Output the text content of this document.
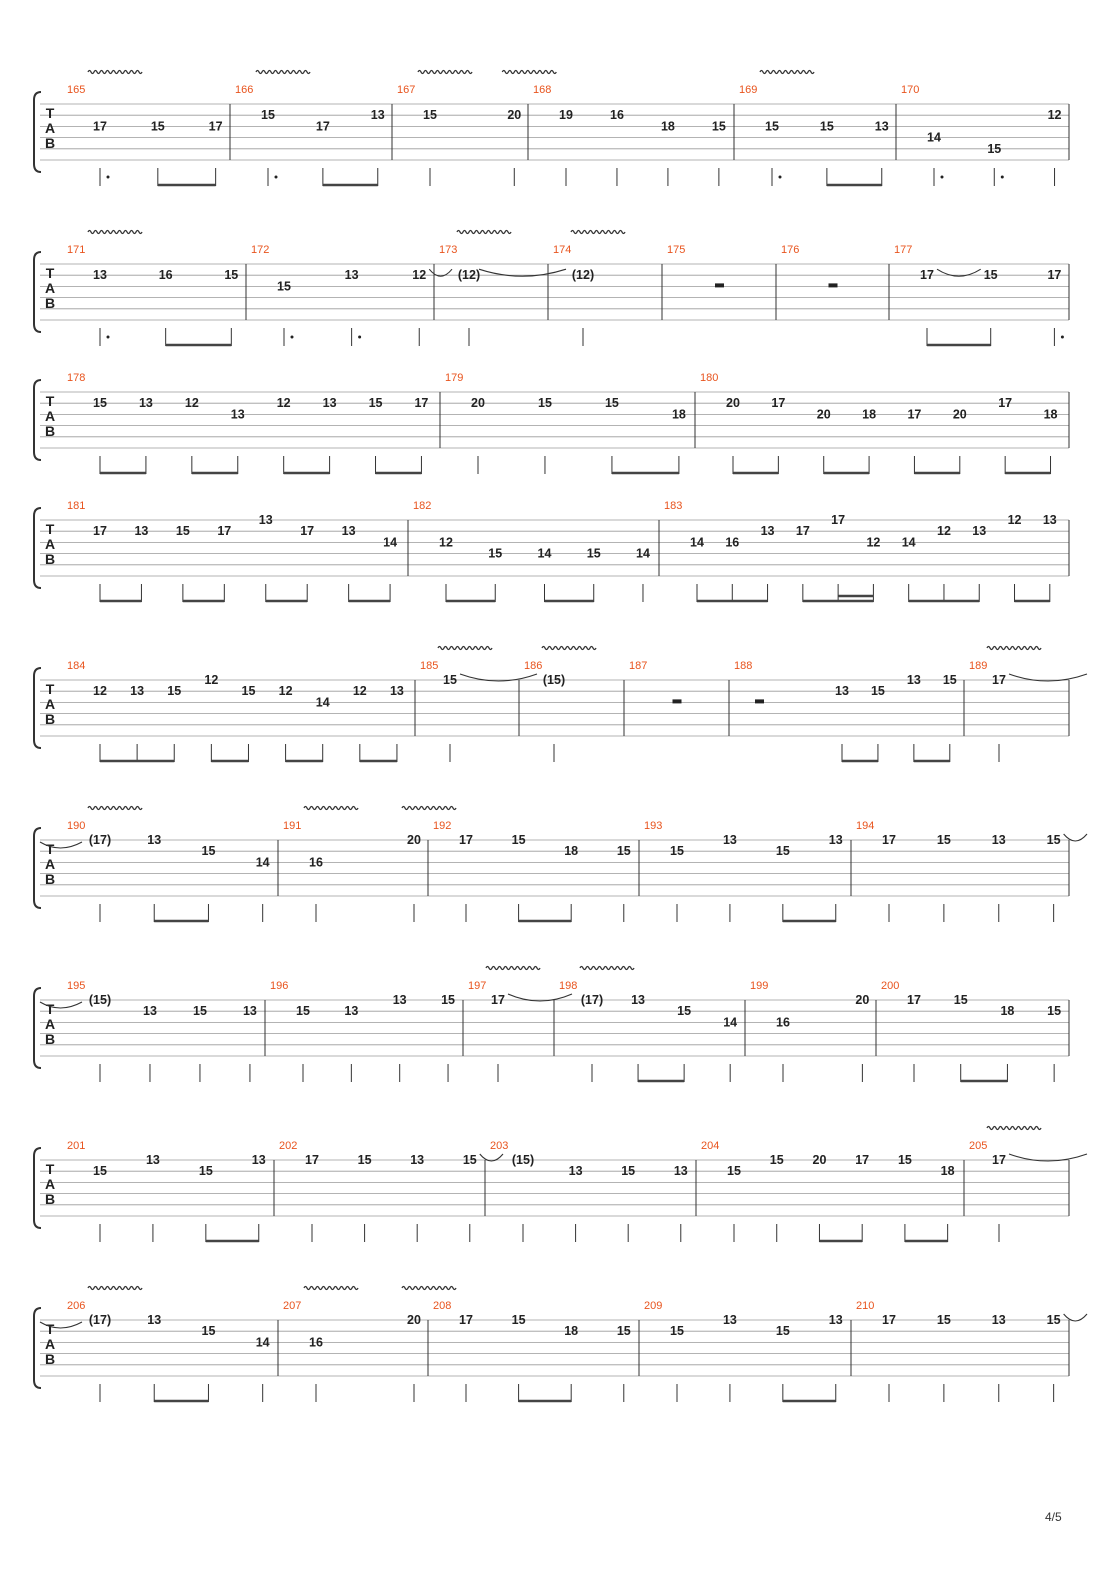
T
A
B
165
17	15	17
166
15
17
13
167
15	20
168
19	16
18	15
169
15	15	13
170
14
15
12
T
A
B
171
13	16	15
172
15
13	12
173
(12)
174
(12)
175	176	177
17	15	17
T
A
B
178
15	13	12
13
12	13	15	17
179
20	15	15
18
180
20	17
20	18	17	20
17
18
T
A
B
181
17 13 15 17
13
17 13
14
182
12
15	14	15	14
183
14 16
13 17
17
12 14
12 13
12 13
T
A
B
184
12 13 15
12
15 12
14
12 13
185
15
186
(15)
187	188
13 15
13 15
189
17
T
A
B
190
(17)	13
15
14
191
16
20
192
17	15
18	15
193
15
13
15
13
194
17	15	13	15
T
A
B
195
(15)
13	15	13
196
15	13
13	15
197
17
198
(17) 13
15
14
199
16
20
200
17	15
18	15
T
A
B
201
15
13
15
13
202
17	15	13	15
203
(15)
13	15	13
204
15
15 20 17 15
18
205
17
T
A
B
206
(17)	13
15
14
207
16
20
208
17	15
18	15
209
15
13
15
13
210
17	15	13	15
4/5
